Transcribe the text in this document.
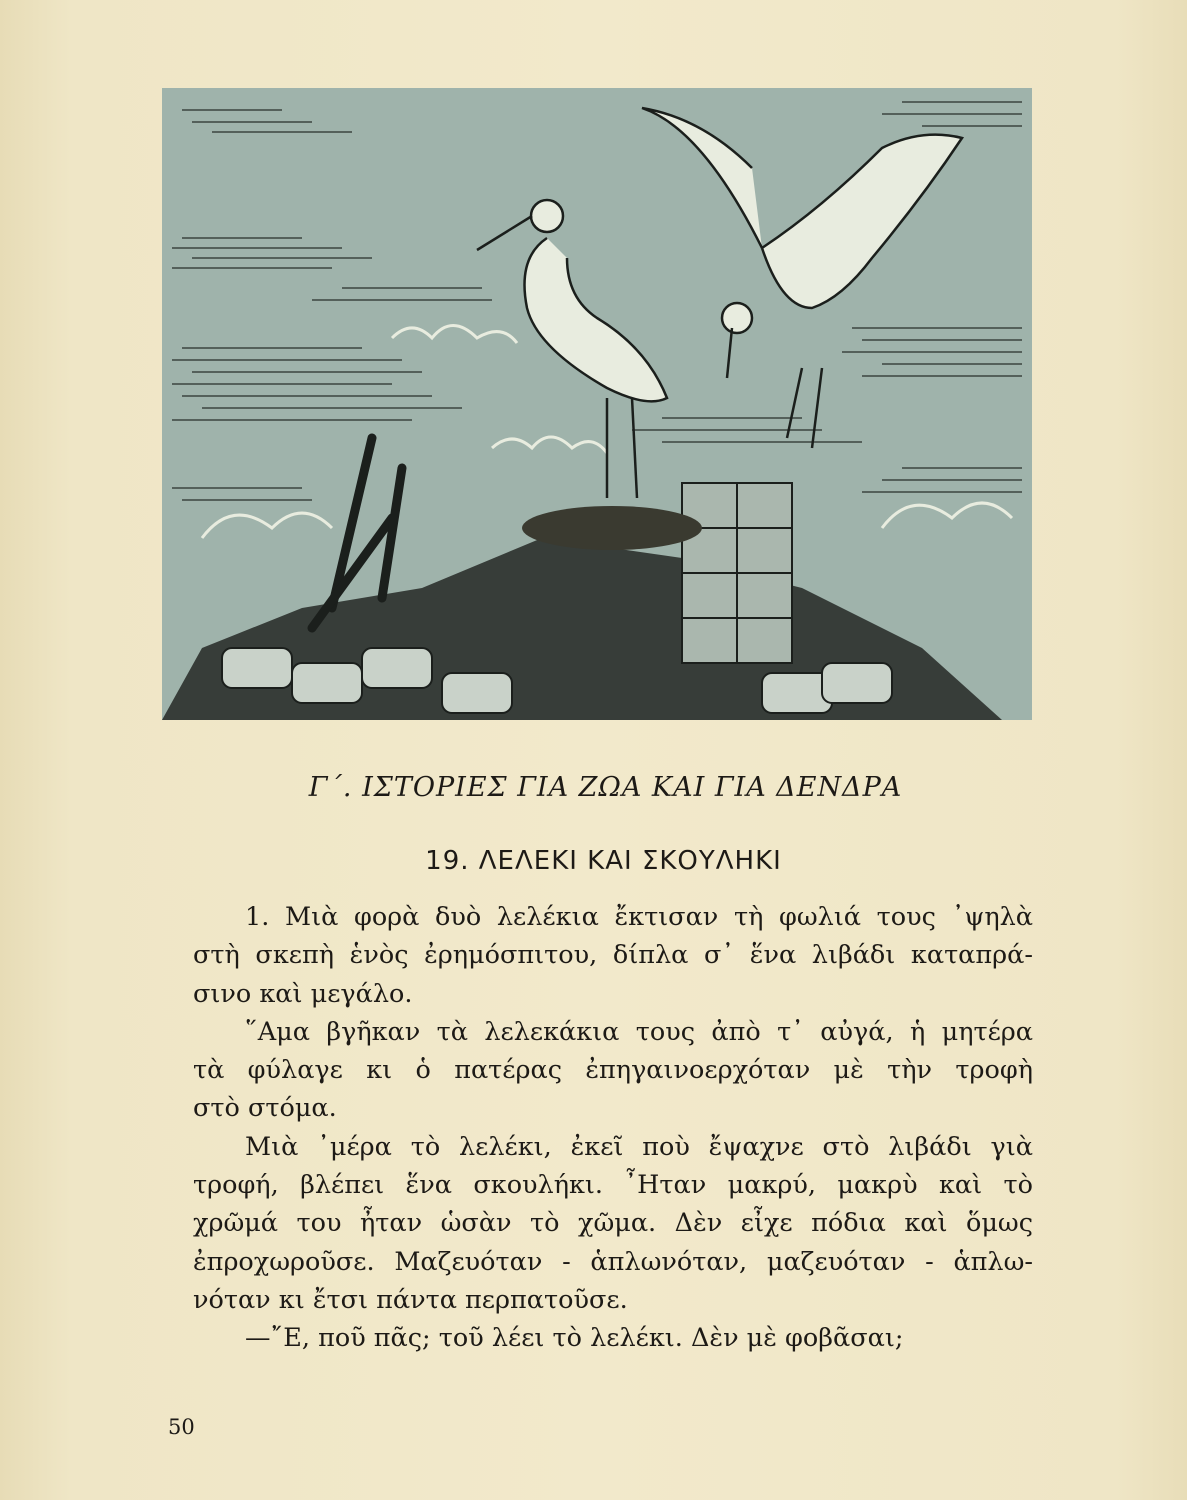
Γ΄. ΙΣΤΟΡΙΕΣ ΓΙΑ ΖΩΑ ΚΑΙ ΓΙΑ ΔΕΝΔΡΑ
19. ΛΕΛΕΚΙ ΚΑΙ ΣΚΟΥΛΗΚΙ
1. Μιὰ φορὰ δυὸ λελέκια ἔκτισαν τὴ φωλιά τους ᾿ψηλὰ
στὴ σκεπὴ ἑνὸς ἐρημόσπιτου, δίπλα σ᾿ ἕνα λιβάδι καταπρά-
σινο καὶ μεγάλο.
῞Αμα βγῆκαν τὰ λελεκάκια τους ἀπὸ τ᾿ αὐγά, ἡ μητέρα
τὰ φύλαγε κι ὁ πατέρας ἐπηγαινοερχόταν μὲ τὴν τροφὴ
στὸ στόμα.
Μιὰ ᾿μέρα τὸ λελέκι, ἐκεῖ ποὺ ἔψαχνε στὸ λιβάδι γιὰ
τροφή, βλέπει ἕνα σκουλήκι. ῏Ηταν μακρύ, μακρὺ καὶ τὸ
χρῶμά του ἦταν ὡσὰν τὸ χῶμα. Δὲν εἶχε πόδια καὶ ὅμως
ἐπροχωροῦσε. Μαζευόταν - ἁπλωνόταν, μαζευόταν - ἁπλω-
νόταν κι ἔτσι πάντα περπατοῦσε.
—῎Ε, ποῦ πᾶς; τοῦ λέει τὸ λελέκι. Δὲν μὲ φοβᾶσαι;
50
